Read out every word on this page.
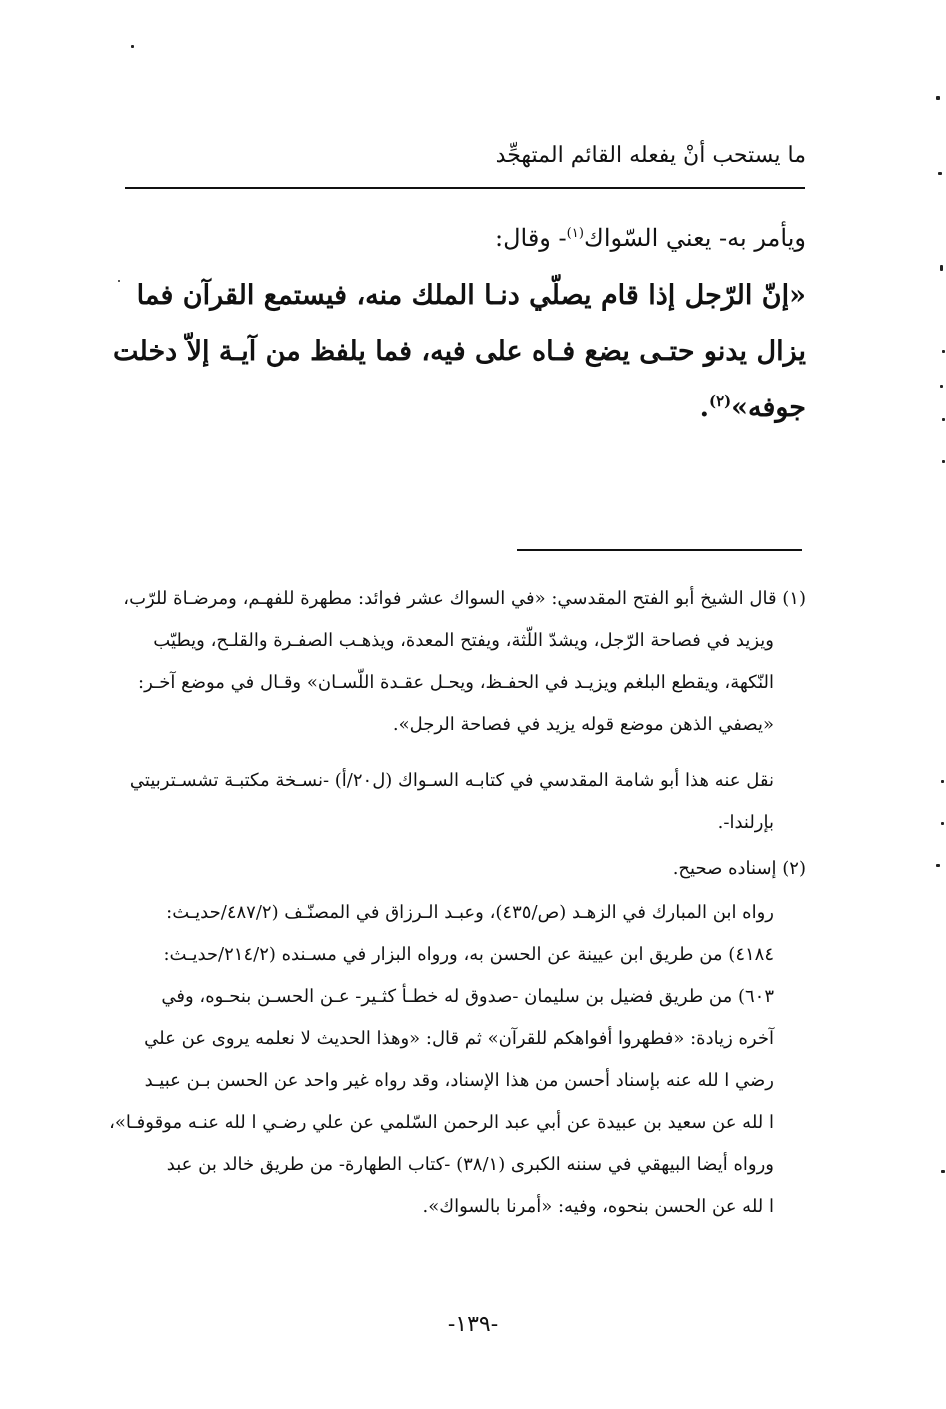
ما يستحب أنْ يفعله القائم المتهجِّد
ويأمر به- يعني السّواك$^{(١)}$- وقال:
«إنّ الرّجل إذا قام يصلّي دنـا الملك منه، فيستمع القرآن فما
يزال يدنو حتـى يضع فـاه على فيه، فما يلفظ من آيـة إلاّ دخلت
جوفه»$^{(٢)}$.
(١) قال الشيخ أبو الفتح المقدسي: «في السواك عشر فوائد: مطهرة للفهـم، ومرضـاة للرّب،
ويزيد في فصاحة الرّجل، ويشدّ اللّثة، ويفتح المعدة، ويذهـب الصفـرة والقلـح، ويطيّب
النّكهة، ويقطع البلغم ويزيـد في الحفـظ، ويحـل عقـدة اللّسـان» وقـال في موضع آخـر:
«يصفي الذهن موضع قوله يزيد في فصاحة الرجل».
نقل عنه هذا أبو شامة المقدسي في كتابـه السـواك (ل٢٠/أ) -نسـخة مكتبـة تشسـتربيتي
بإرلندا-.
(٢) إسناده صحيح.
رواه ابن المبارك في الزهـد (ص/٤٣٥)، وعبـد الـرزاق في المصنّـف (٤٨٧/٢/حديـث:
٤١٨٤) من طريق ابن عيينة عن الحسن به، ورواه البزار في مسـنده (٢١٤/٢/حديـث:
٦٠٣) من طريق فضيل بن سليمان -صدوق له خطـأ كثـير- عـن الحسـن بنحـوه، وفي
آخره زيادة: «فطهروا أفواهكم للقرآن» ثم قال: «وهذا الحديث لا نعلمه يروى عن علي
رضي ا لله عنه بإسناد أحسن من هذا الإسناد، وقد رواه غير واحد عن الحسن بـن عبيـد
ا لله عن سعيد بن عبيدة عن أبي عبد الرحمن السّلمي عن علي رضـي ا لله عنـه موقوفـا»،
ورواه أيضا البيهقي في سننه الكبرى (٣٨/١) -كتاب الطهارة- من طريق خالد بن عبد
ا لله عن الحسن بنحوه، وفيه: «أمرنا بالسواك».
-١٣٩-
